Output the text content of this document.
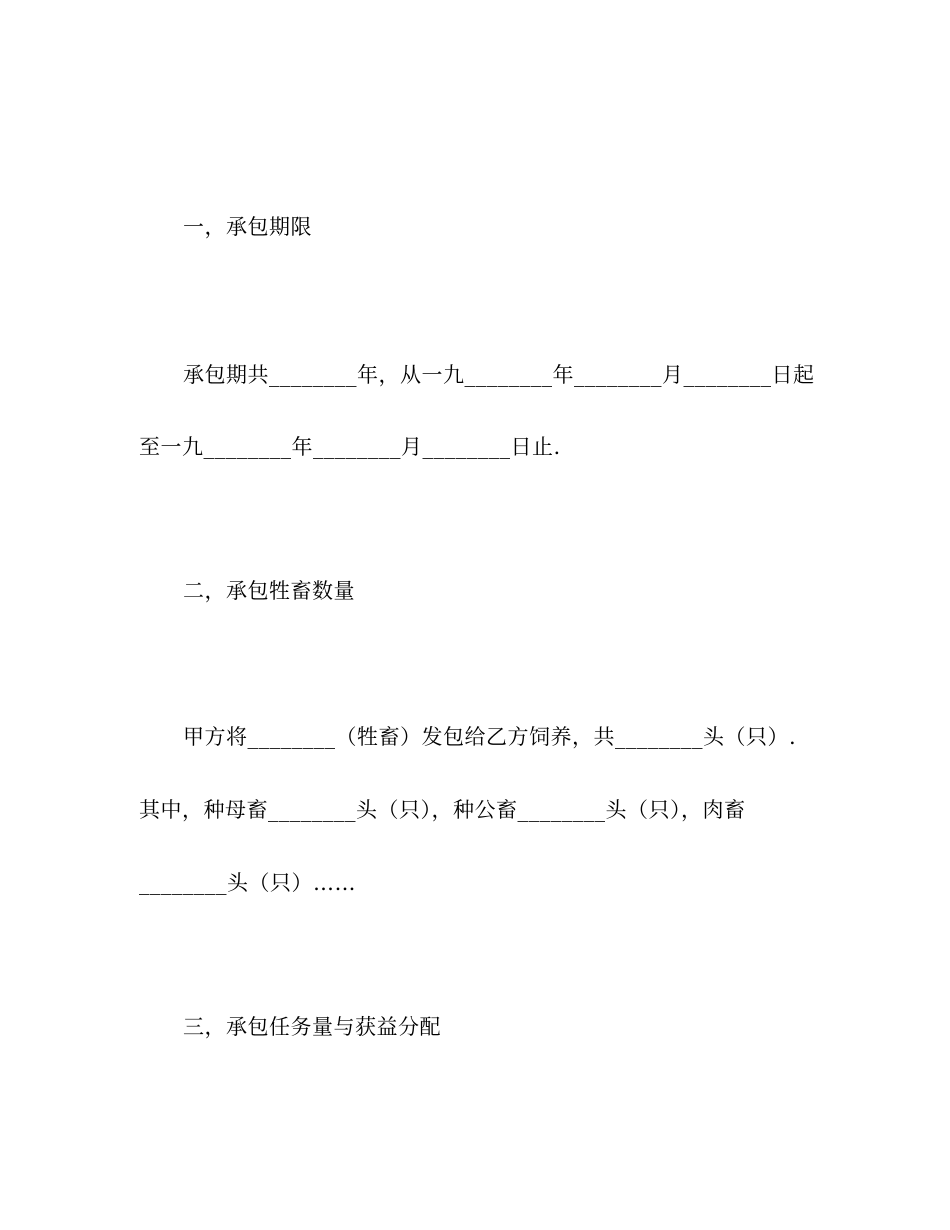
一，承包期限
承包期共________年，从一九________年________月________日起
至一九________年________月________日止.
二，承包牲畜数量
甲方将________（牲畜）发包给乙方饲养，共________头（只）.
其中，种母畜________头（只），种公畜________头（只），肉畜
________头（只）……
三，承包任务量与获益分配
